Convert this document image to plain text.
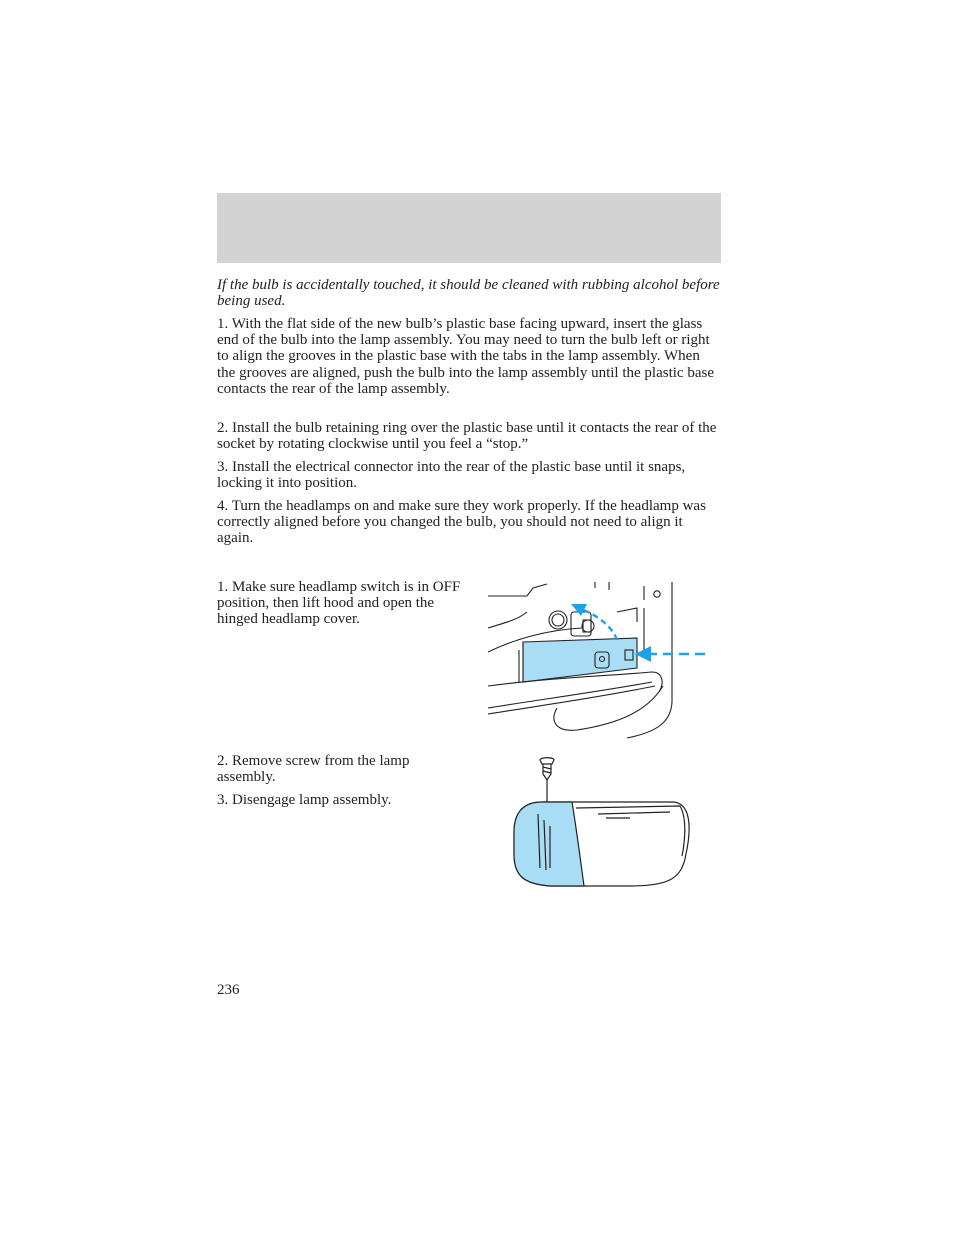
If the bulb is accidentally touched, it should be cleaned with rubbing alcohol before being used.

1. With the flat side of the new bulb’s plastic base facing upward, insert the glass end of the bulb into the lamp assembly. You may need to turn the bulb left or right to align the grooves in the plastic base with the tabs in the lamp assembly. When the grooves are aligned, push the bulb into the lamp assembly until the plastic base contacts the rear of the lamp assembly.

2. Install the bulb retaining ring over the plastic base until it contacts the rear of the socket by rotating clockwise until you feel a “stop.”

3. Install the electrical connector into the rear of the plastic base until it snaps, locking it into position.

4. Turn the headlamps on and make sure they work properly. If the headlamp was correctly aligned before you changed the bulb, you should not need to align it again.

1. Make sure headlamp switch is in OFF position, then lift hood and open the hinged headlamp cover.

2. Remove screw from the lamp assembly.

3. Disengage lamp assembly.

236
